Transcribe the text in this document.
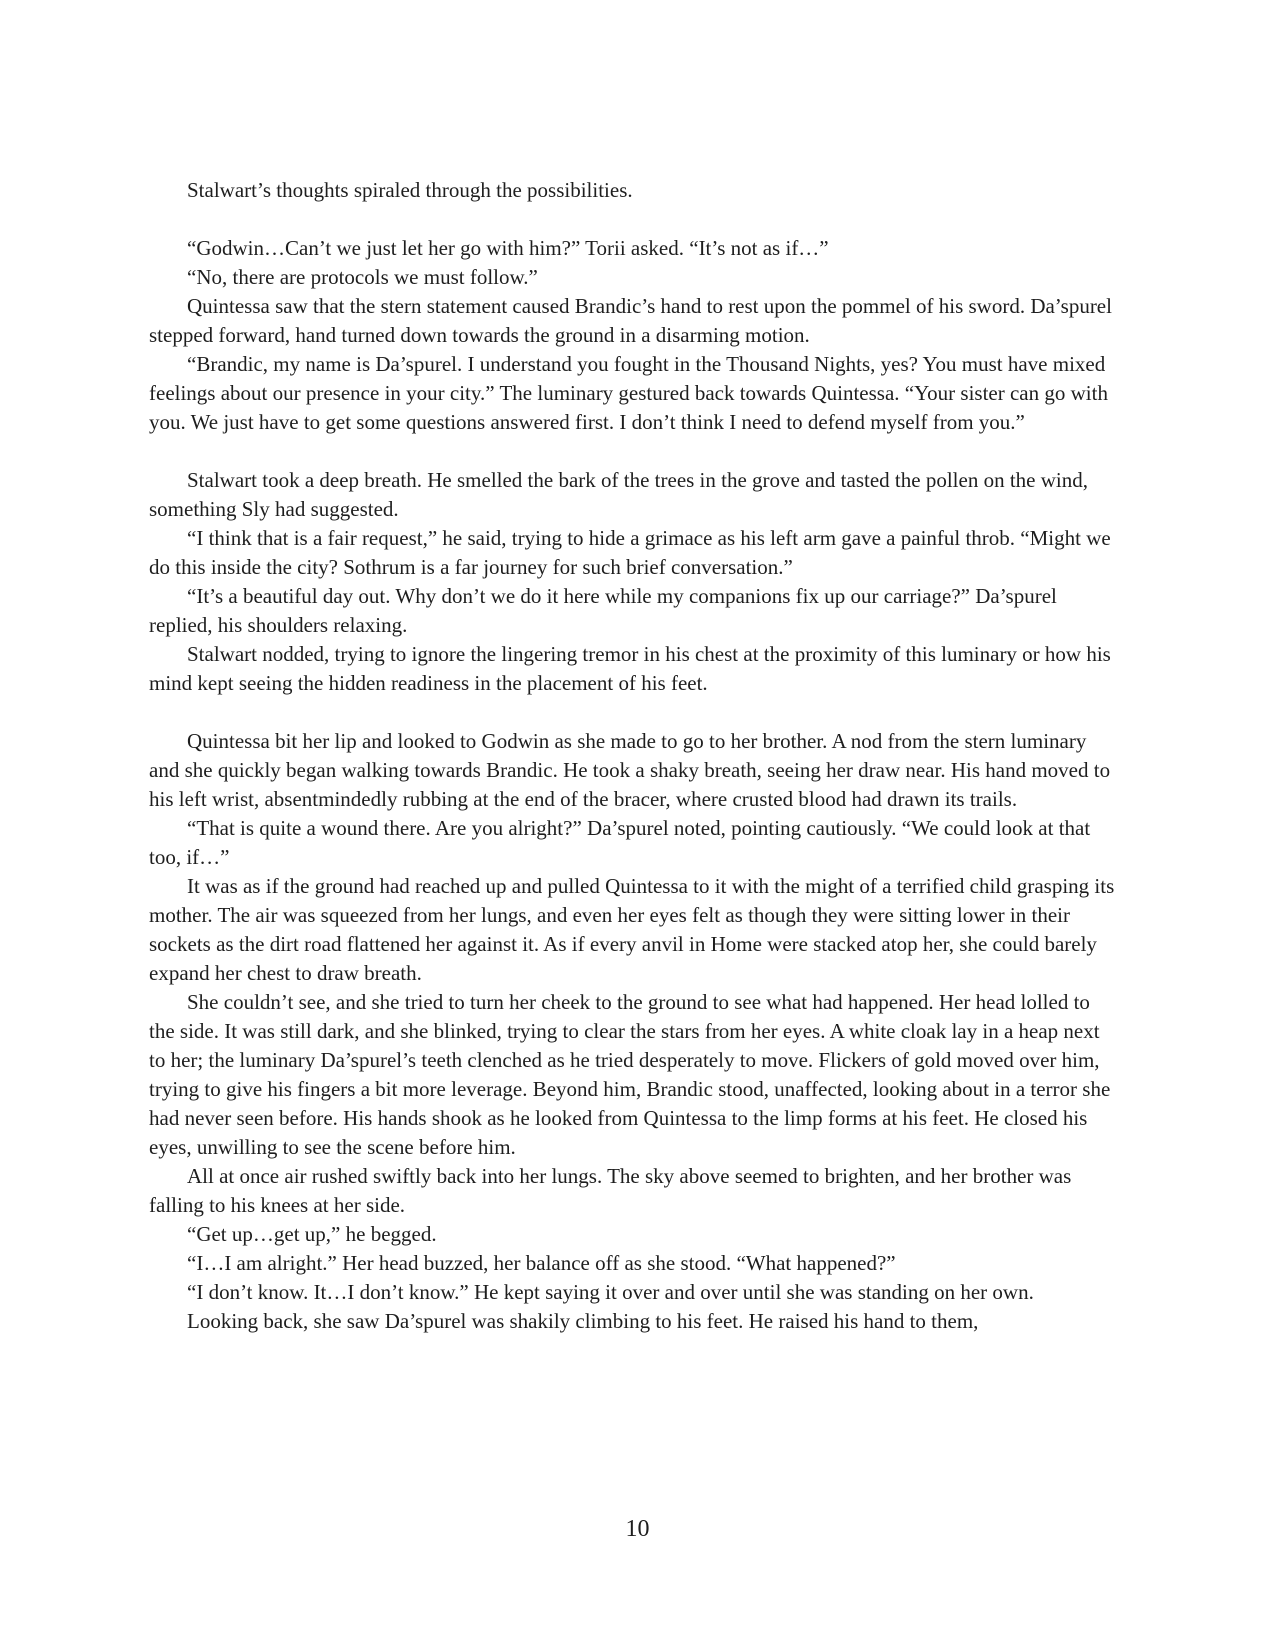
Stalwart’s thoughts spiraled through the possibilities.

“Godwin…Can’t we just let her go with him?” Torii asked. “It’s not as if…”

“No, there are protocols we must follow.”

Quintessa saw that the stern statement caused Brandic’s hand to rest upon the pommel of his sword. Da’spurel stepped forward, hand turned down towards the ground in a disarming motion.

“Brandic, my name is Da’spurel. I understand you fought in the Thousand Nights, yes? You must have mixed feelings about our presence in your city.” The luminary gestured back towards Quintessa. “Your sister can go with you. We just have to get some questions answered first. I don’t think I need to defend myself from you.”

Stalwart took a deep breath. He smelled the bark of the trees in the grove and tasted the pollen on the wind, something Sly had suggested.

“I think that is a fair request,” he said, trying to hide a grimace as his left arm gave a painful throb. “Might we do this inside the city? Sothrum is a far journey for such brief conversation.”

“It’s a beautiful day out. Why don’t we do it here while my companions fix up our carriage?” Da’spurel replied, his shoulders relaxing.

Stalwart nodded, trying to ignore the lingering tremor in his chest at the proximity of this luminary or how his mind kept seeing the hidden readiness in the placement of his feet.

Quintessa bit her lip and looked to Godwin as she made to go to her brother. A nod from the stern luminary and she quickly began walking towards Brandic. He took a shaky breath, seeing her draw near. His hand moved to his left wrist, absentmindedly rubbing at the end of the bracer, where crusted blood had drawn its trails.

“That is quite a wound there. Are you alright?” Da’spurel noted, pointing cautiously. “We could look at that too, if…”

It was as if the ground had reached up and pulled Quintessa to it with the might of a terrified child grasping its mother. The air was squeezed from her lungs, and even her eyes felt as though they were sitting lower in their sockets as the dirt road flattened her against it. As if every anvil in Home were stacked atop her, she could barely expand her chest to draw breath.

She couldn’t see, and she tried to turn her cheek to the ground to see what had happened. Her head lolled to the side. It was still dark, and she blinked, trying to clear the stars from her eyes. A white cloak lay in a heap next to her; the luminary Da’spurel’s teeth clenched as he tried desperately to move. Flickers of gold moved over him, trying to give his fingers a bit more leverage. Beyond him, Brandic stood, unaffected, looking about in a terror she had never seen before. His hands shook as he looked from Quintessa to the limp forms at his feet. He closed his eyes, unwilling to see the scene before him.

All at once air rushed swiftly back into her lungs. The sky above seemed to brighten, and her brother was falling to his knees at her side.

“Get up…get up,” he begged.

“I…I am alright.” Her head buzzed, her balance off as she stood. “What happened?”

“I don’t know. It…I don’t know.” He kept saying it over and over until she was standing on her own.

Looking back, she saw Da’spurel was shakily climbing to his feet. He raised his hand to them,

10
